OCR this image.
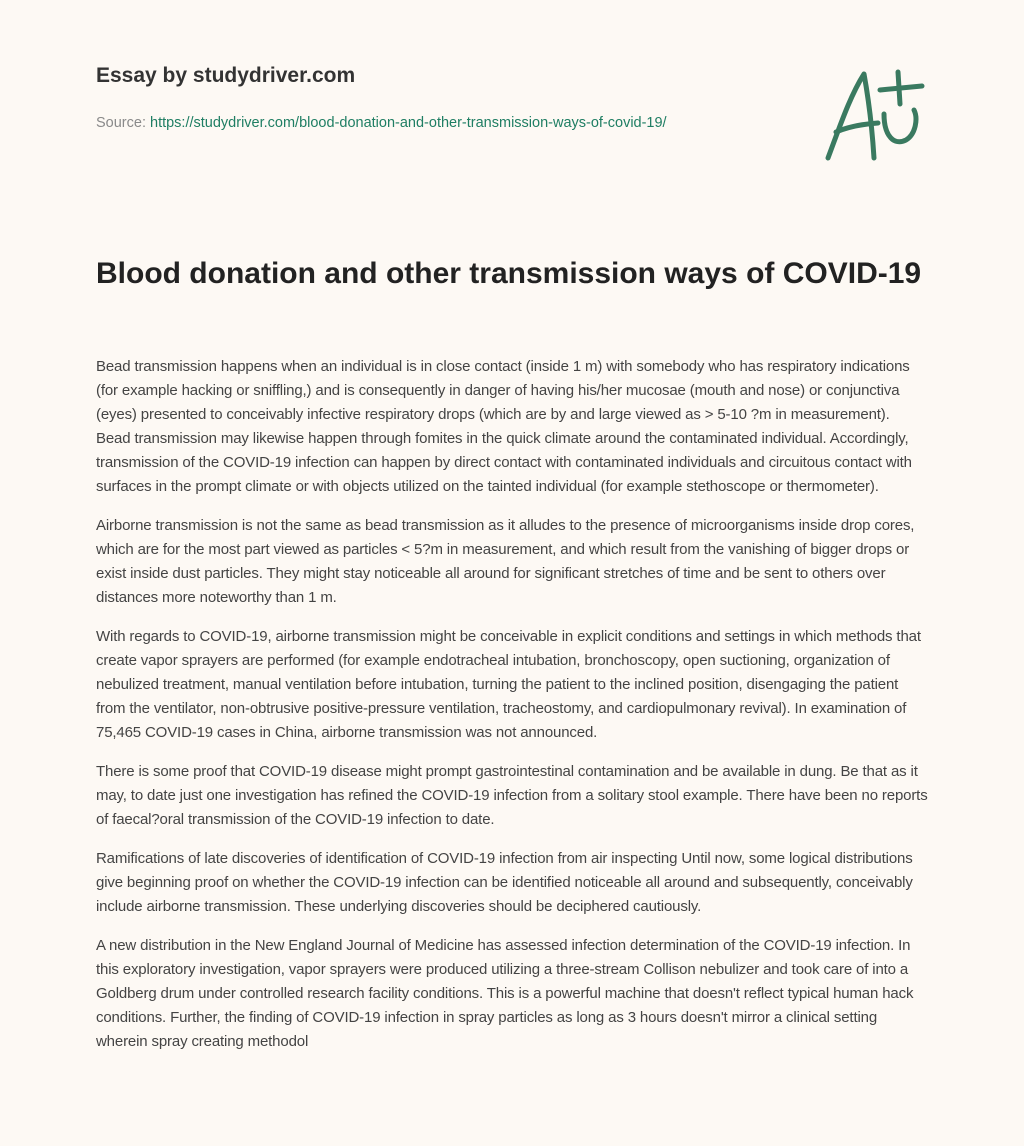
Essay by studydriver.com
Source: https://studydriver.com/blood-donation-and-other-transmission-ways-of-covid-19/
Blood donation and other transmission ways of COVID-19

Bead transmission happens when an individual is in close contact (inside 1 m) with somebody who has respiratory indications (for example hacking or sniffling,) and is consequently in danger of having his/her mucosae (mouth and nose) or conjunctiva (eyes) presented to conceivably infective respiratory drops (which are by and large viewed as > 5-10 ?m in measurement). Bead transmission may likewise happen through fomites in the quick climate around the contaminated individual. Accordingly, transmission of the COVID-19 infection can happen by direct contact with contaminated individuals and circuitous contact with surfaces in the prompt climate or with objects utilized on the tainted individual (for example stethoscope or thermometer).

Airborne transmission is not the same as bead transmission as it alludes to the presence of microorganisms inside drop cores, which are for the most part viewed as particles < 5?m in measurement, and which result from the vanishing of bigger drops or exist inside dust particles. They might stay noticeable all around for significant stretches of time and be sent to others over distances more noteworthy than 1 m.

With regards to COVID-19, airborne transmission might be conceivable in explicit conditions and settings in which methods that create vapor sprayers are performed (for example endotracheal intubation, bronchoscopy, open suctioning, organization of nebulized treatment, manual ventilation before intubation, turning the patient to the inclined position, disengaging the patient from the ventilator, non-obtrusive positive-pressure ventilation, tracheostomy, and cardiopulmonary revival). In examination of 75,465 COVID-19 cases in China, airborne transmission was not announced.

There is some proof that COVID-19 disease might prompt gastrointestinal contamination and be available in dung. Be that as it may, to date just one investigation has refined the COVID-19 infection from a solitary stool example. There have been no reports of faecal?oral transmission of the COVID-19 infection to date.

Ramifications of late discoveries of identification of COVID-19 infection from air inspecting Until now, some logical distributions give beginning proof on whether the COVID-19 infection can be identified noticeable all around and subsequently, conceivably include airborne transmission. These underlying discoveries should be deciphered cautiously.

A new distribution in the New England Journal of Medicine has assessed infection determination of the COVID-19 infection. In this exploratory investigation, vapor sprayers were produced utilizing a three-stream Collison nebulizer and took care of into a Goldberg drum under controlled research facility conditions. This is a powerful machine that doesn't reflect typical human hack conditions. Further, the finding of COVID-19 infection in spray particles as long as 3 hours doesn't mirror a clinical setting wherein spray creating methodol
